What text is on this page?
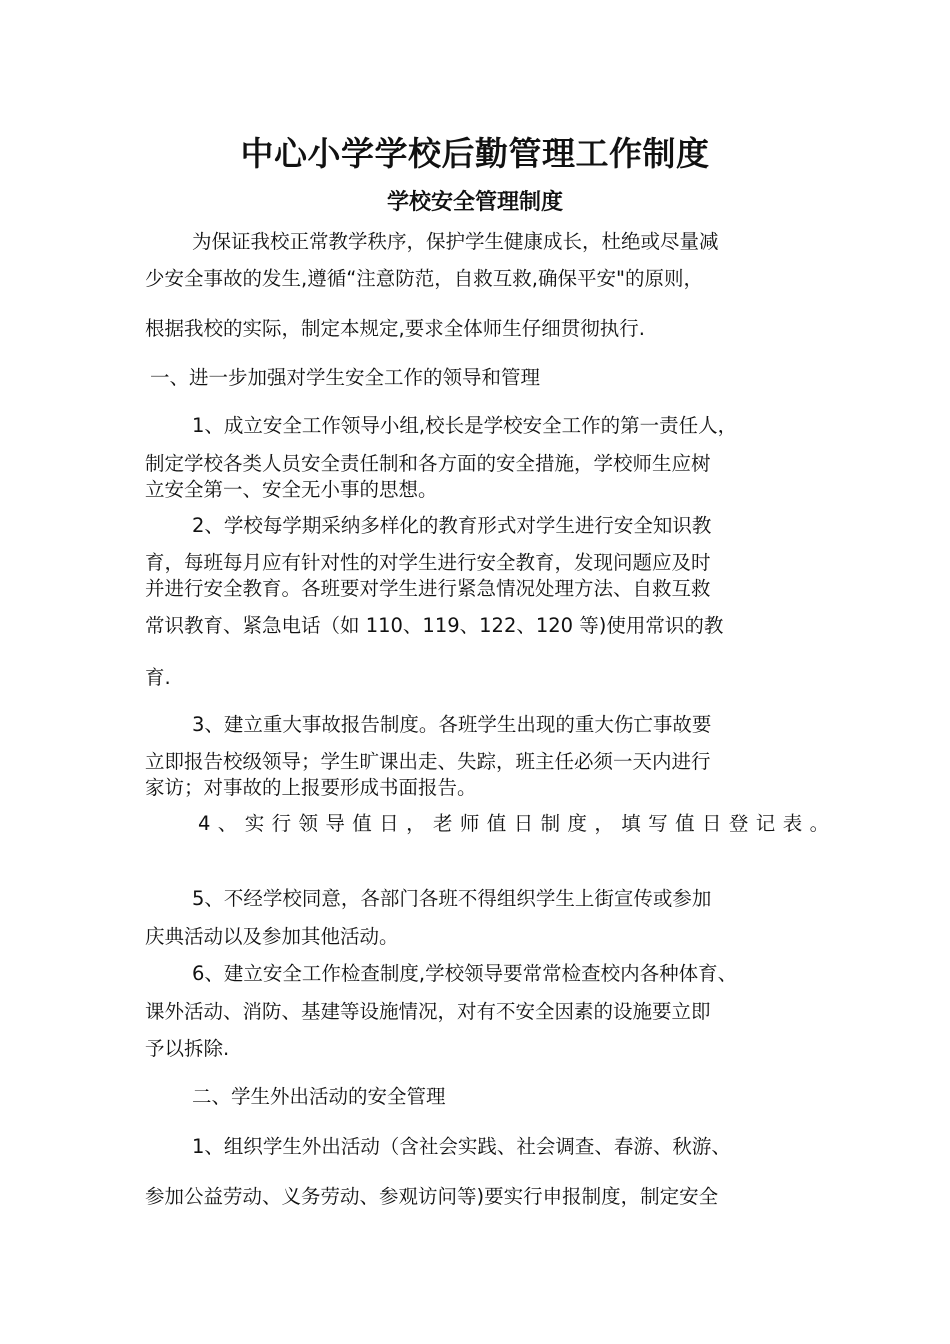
中心小学学校后勤管理工作制度
学校安全管理制度

为保证我校正常教学秩序，保护学生健康成长，杜绝或尽量减

少安全事故的发生,遵循“注意防范，自救互救,确保平安"的原则，

根据我校的实际，制定本规定,要求全体师生仔细贯彻执行.

一、进一步加强对学生安全工作的领导和管理

1、成立安全工作领导小组,校长是学校安全工作的第一责任人，

制定学校各类人员安全责任制和各方面的安全措施，学校师生应树

立安全第一、安全无小事的思想。

2、学校每学期采纳多样化的教育形式对学生进行安全知识教

育，每班每月应有针对性的对学生进行安全教育，发现问题应及时

并进行安全教育。各班要对学生进行紧急情况处理方法、自救互救

常识教育、紧急电话（如 110、119、122、120 等)使用常识的教

育.

3、建立重大事故报告制度。各班学生出现的重大伤亡事故要

立即报告校级领导；学生旷课出走、失踪，班主任必须一天内进行

家访；对事故的上报要形成书面报告。

4、实行领导值日，老师值日制度，填写值日登记表。

5、不经学校同意，各部门各班不得组织学生上街宣传或参加

庆典活动以及参加其他活动。

6、建立安全工作检查制度,学校领导要常常检查校内各种体育、

课外活动、消防、基建等设施情况，对有不安全因素的设施要立即

予以拆除.

二、学生外出活动的安全管理

1、组织学生外出活动（含社会实践、社会调查、春游、秋游、

参加公益劳动、义务劳动、参观访问等)要实行申报制度，制定安全
